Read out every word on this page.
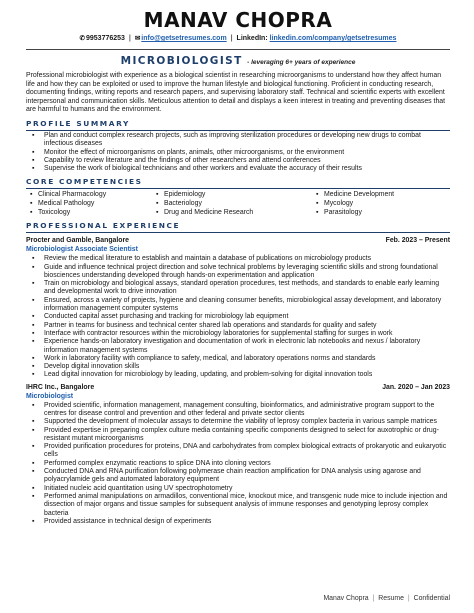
MANAV CHOPRA
✆9953776253 | ✉info@getsetresumes.com | LinkedIn: linkedin.com/company/getsetresumes
MICROBIOLOGIST - leveraging 6+ years of experience
Professional microbiologist with experience as a biological scientist in researching microorganisms to understand how they affect human life and how they can be exploited or used to improve the human lifestyle and biological functioning. Proficient in conducting research, documenting findings, writing reports and research papers, and supervising laboratory staff. Technical and scientific experts with excellent interpersonal and communication skills. Meticulous attention to detail and displays a keen interest in treating and preventing diseases that are harmful to humans and the environment.
PROFILE SUMMARY
▪ Plan and conduct complex research projects, such as improving sterilization procedures or developing new drugs to combat infectious diseases
▪ Monitor the effect of microorganisms on plants, animals, other microorganisms, or the environment
▪ Capability to review literature and the findings of other researchers and attend conferences
▪ Supervise the work of biological technicians and other workers and evaluate the accuracy of their results
CORE COMPETENCIES
▪ Clinical Pharmacology
▪ Medical Pathology
▪ Toxicology
▪ Epidemiology
▪ Bacteriology
▪ Drug and Medicine Research
▪ Medicine Development
▪ Mycology
▪ Parasitology
PROFESSIONAL EXPERIENCE
Procter and Gamble, Bangalore	Feb. 2023 – Present
Microbiologist Associate Scientist
▪ Review the medical literature to establish and maintain a database of publications on microbiology products
▪ Guide and influence technical project direction and solve technical problems by leveraging scientific skills and strong foundational biosciences understanding developed through hands-on experimentation and application
▪ Train on microbiology and biological assays, standard operation procedures, test methods, and standards to enable early learning and developmental work to drive innovation
▪ Ensured, across a variety of projects, hygiene and cleaning consumer benefits, microbiological assay development, and laboratory information management computer systems
▪ Conducted capital asset purchasing and tracking for microbiology lab equipment
▪ Partner in teams for business and technical center shared lab operations and standards for quality and safety
▪ Interface with contractor resources within the microbiology laboratories for supplemental staffing for surges in work
▪ Experience hands-on laboratory investigation and documentation of work in electronic lab notebooks and nexus / laboratory information management systems
▪ Work in laboratory facility with compliance to safety, medical, and laboratory operations norms and standards
▪ Develop digital innovation skills
▪ Lead digital innovation for microbiology by leading, updating, and problem-solving for digital innovation tools
IHRC Inc., Bangalore	Jan. 2020 – Jan 2023
Microbiologist
▪ Provided scientific, information management, management consulting, bioinformatics, and administrative program support to the centres for disease control and prevention and other federal and private sector clients
▪ Supported the development of molecular assays to determine the viability of leprosy complex bacteria in various sample matrices
▪ Provided expertise in preparing complex culture media containing specific components designed to select for auxotrophic or drug-resistant mutant microorganisms
▪ Provided purification procedures for proteins, DNA and carbohydrates from complex biological extracts of prokaryotic and eukaryotic cells
▪ Performed complex enzymatic reactions to splice DNA into cloning vectors
▪ Conducted DNA and RNA purification following polymerase chain reaction amplification for DNA analysis using agarose and polyacrylamide gels and automated laboratory equipment
▪ Initiated nucleic acid quantitation using UV spectrophotometry
▪ Performed animal manipulations on armadillos, conventional mice, knockout mice, and transgenic nude mice to include injection and dissection of major organs and tissue samples for subsequent analysis of immune responses and genotyping leprosy complex bacteria
▪ Provided assistance in technical design of experiments
Manav Chopra | Resume | Confidential
